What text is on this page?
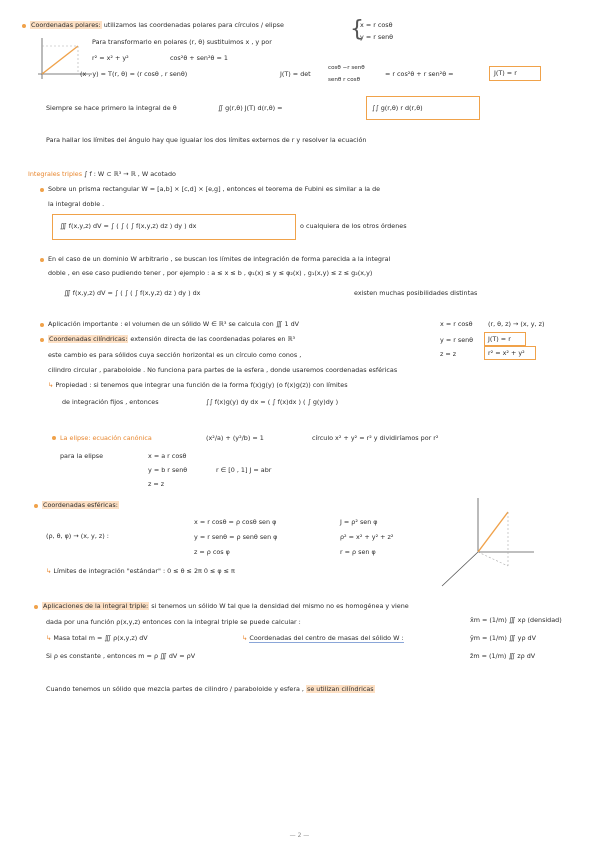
Coordenadas polares: utilizamos las coordenadas polares para círculos / elipse	x = r cosθ
y = r senθ
{
Para transformarlo en polares (r, θ) sustituimos x , y por
r² = x² + y²	cos²θ + sen²θ = 1
(x , y) = T(r, θ) = (r cosθ , r senθ)	J(T) = det
cosθ −r senθ
senθ r cosθ
= r cos²θ + r sen²θ =	J(T) = r
Siempre se hace primero la integral de θ	∬ g(r,θ) J(T) d(r,θ) =	∫∫ g(r,θ) r d(r,θ)
Para hallar los límites del ángulo hay que igualar los dos límites externos de r y resolver la ecuación
Integrales triples ∫ f : W ⊂ ℝ³ → ℝ , W acotado
Sobre un prisma rectangular W = [a,b] × [c,d] × [e,g] , entonces el teorema de Fubini es similar a la de
la integral doble .
∭ f(x,y,z) dV = ∫ ( ∫ ( ∫ f(x,y,z) dz ) dy ) dx	o cualquiera de los otros órdenes
En el caso de un dominio W arbitrario , se buscan los límites de integración de forma parecida a la integral
doble , en ese caso pudiendo tener , por ejemplo : a ≤ x ≤ b , φ₁(x) ≤ y ≤ φ₂(x) , g₁(x,y) ≤ z ≤ g₂(x,y)
∭ f(x,y,z) dV = ∫ ( ∫ ( ∫ f(x,y,z) dz ) dy ) dx	existen muchas posibilidades distintas
Aplicación importante : el volumen de un sólido W ∈ ℝ³ se calcula con ∭ 1 dV
Coordenadas cilíndricas: extensión directa de las coordenadas polares en ℝ³
este cambio es para sólidos cuya sección horizontal es un círculo como conos ,
cilindro circular , paraboloide . No funciona para partes de la esfera , donde usaremos coordenadas esféricas
x = r cosθ
y = r senθ
z = z
(r, θ, z) → (x, y, z)
J(T) = r
r² = x² + y²
↳ Propiedad : si tenemos que integrar una función de la forma f(x)g(y) (o f(x)g(z)) con límites
de integración fijos , entonces	∫∫ f(x)g(y) dy dx = ( ∫ f(x)dx ) ( ∫ g(y)dy )
La elipse: ecuación canónica	(x²/a) + (y²/b) = 1	círculo x² + y² = r² y dividiríamos por r²
para la elipse	x = a r cosθ
y = b r senθ
z = z
r ∈ [0 , 1] J = abr
Coordenadas esféricas:
(ρ, θ, φ) → (x, y, z) :
x = r cosθ = ρ cosθ sen φ
y = r senθ = ρ senθ sen φ
z = ρ cos φ
J = ρ² sen φ
ρ² = x² + y² + z²
r = ρ sen φ
↳ Límites de integración "estándar" : 0 ≤ θ ≤ 2π 0 ≤ φ ≤ π
Aplicaciones de la integral triple: si tenemos un sólido W tal que la densidad del mismo no es homogénea y viene
dada por una función ρ(x,y,z) entonces con la integral triple se puede calcular :
↳ Masa total m = ∭ ρ(x,y,z) dV	↳ Coordenadas del centro de masas del sólido W :
x̄m = (1/m) ∭ xρ (densidad)
ȳm = (1/m) ∭ yρ dV
z̄m = (1/m) ∭ zρ dV
Si ρ es constante , entonces m = ρ ∭ dV = ρV
Cuando tenemos un sólido que mezcla partes de cilindro / paraboloide y esfera , se utilizan cilíndricas
— 2 —
